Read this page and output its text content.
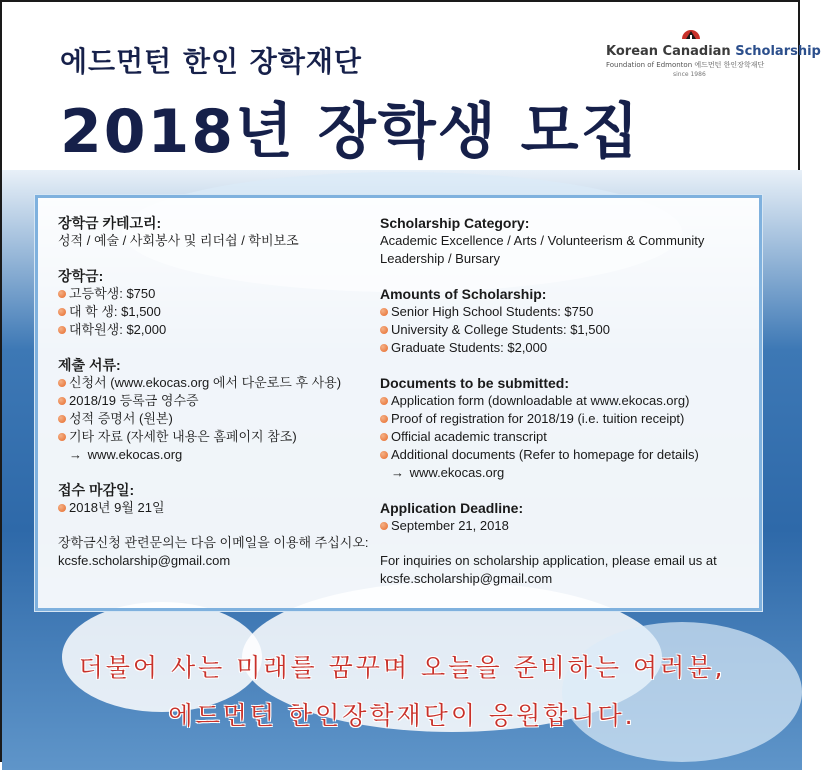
에드먼턴 한인 장학재단
2018년 장학생 모집
Korean Canadian Scholarship
Foundation of Edmonton 에드먼턴 한인장학재단
since 1986
장학금 카테고리:
성적 / 예술 / 사회봉사 및 리더쉽 / 학비보조
장학금:
고등학생: $750
대 학 생: $1,500
대학원생: $2,000
제출 서류:
신청서 (www.ekocas.org 에서 다운로드 후 사용)
2018/19 등록금 영수증
성적 증명서 (원본)
기타 자료 (자세한 내용은 홈페이지 참조)
→ www.ekocas.org
접수 마감일:
2018년 9월 21일
장학금신청 관련문의는 다음 이메일을 이용해 주십시오:
kcsfe.scholarship@gmail.com
Scholarship Category:
Academic Excellence / Arts / Volunteerism & Community Leadership / Bursary
Amounts of Scholarship:
Senior High School Students: $750
University & College Students: $1,500
Graduate Students: $2,000
Documents to be submitted:
Application form (downloadable at www.ekocas.org)
Proof of registration for 2018/19 (i.e. tuition receipt)
Official academic transcript
Additional documents (Refer to homepage for details)
→ www.ekocas.org
Application Deadline:
September 21, 2018
For inquiries on scholarship application, please email us at
kcsfe.scholarship@gmail.com
더불어 사는 미래를 꿈꾸며 오늘을 준비하는 여러분,
에드먼턴 한인장학재단이 응원합니다.
